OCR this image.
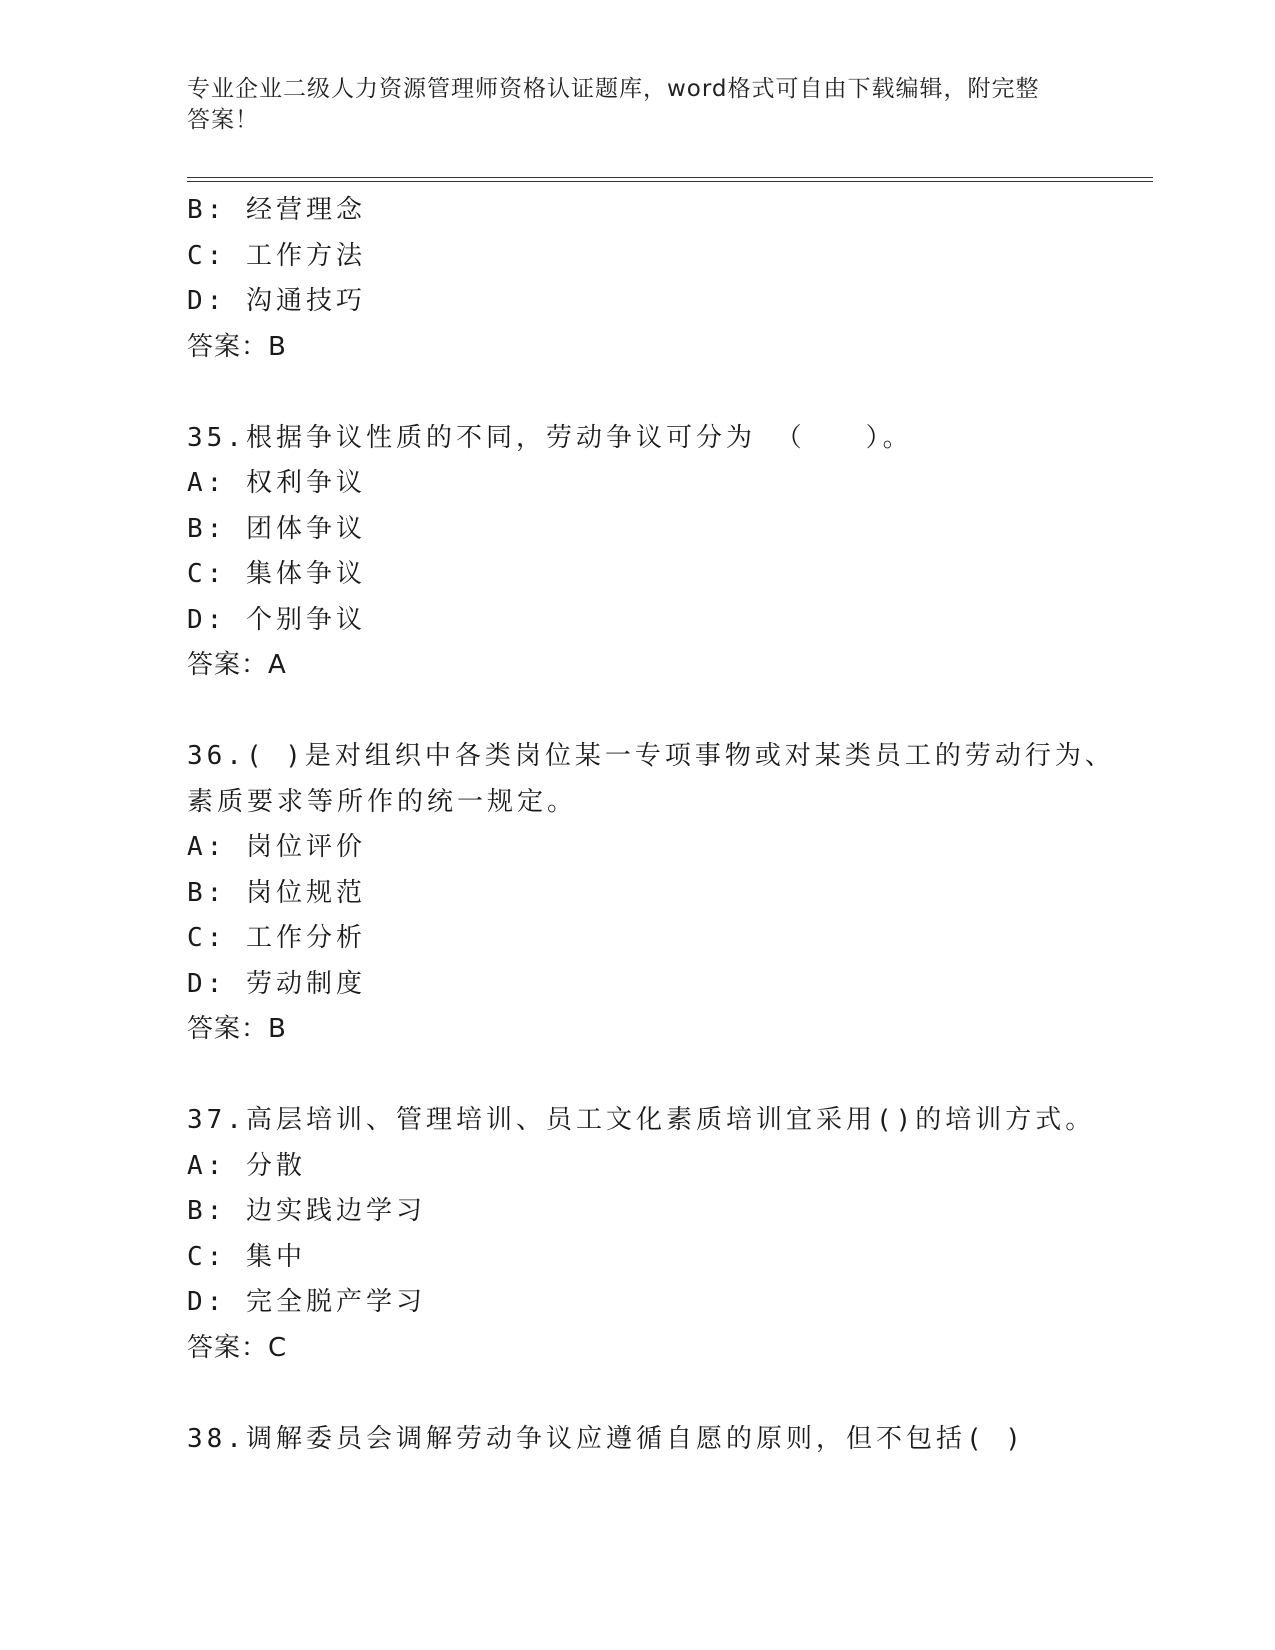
专业企业二级人力资源管理师资格认证题库，word格式可自由下载编辑，附完整
答案！
B: 经营理念
C: 工作方法
D: 沟通技巧
答案：B
35.根据争议性质的不同，劳动争议可分为 （　　）。
A: 权利争议
B: 团体争议
C: 集体争议
D: 个别争议
答案：A
36.( )是对组织中各类岗位某一专项事物或对某类员工的劳动行为、
素质要求等所作的统一规定。
A: 岗位评价
B: 岗位规范
C: 工作分析
D: 劳动制度
答案：B
37.高层培训、管理培训、员工文化素质培训宜采用()的培训方式。
A: 分散
B: 边实践边学习
C: 集中
D: 完全脱产学习
答案：C
38.调解委员会调解劳动争议应遵循自愿的原则，但不包括( )
